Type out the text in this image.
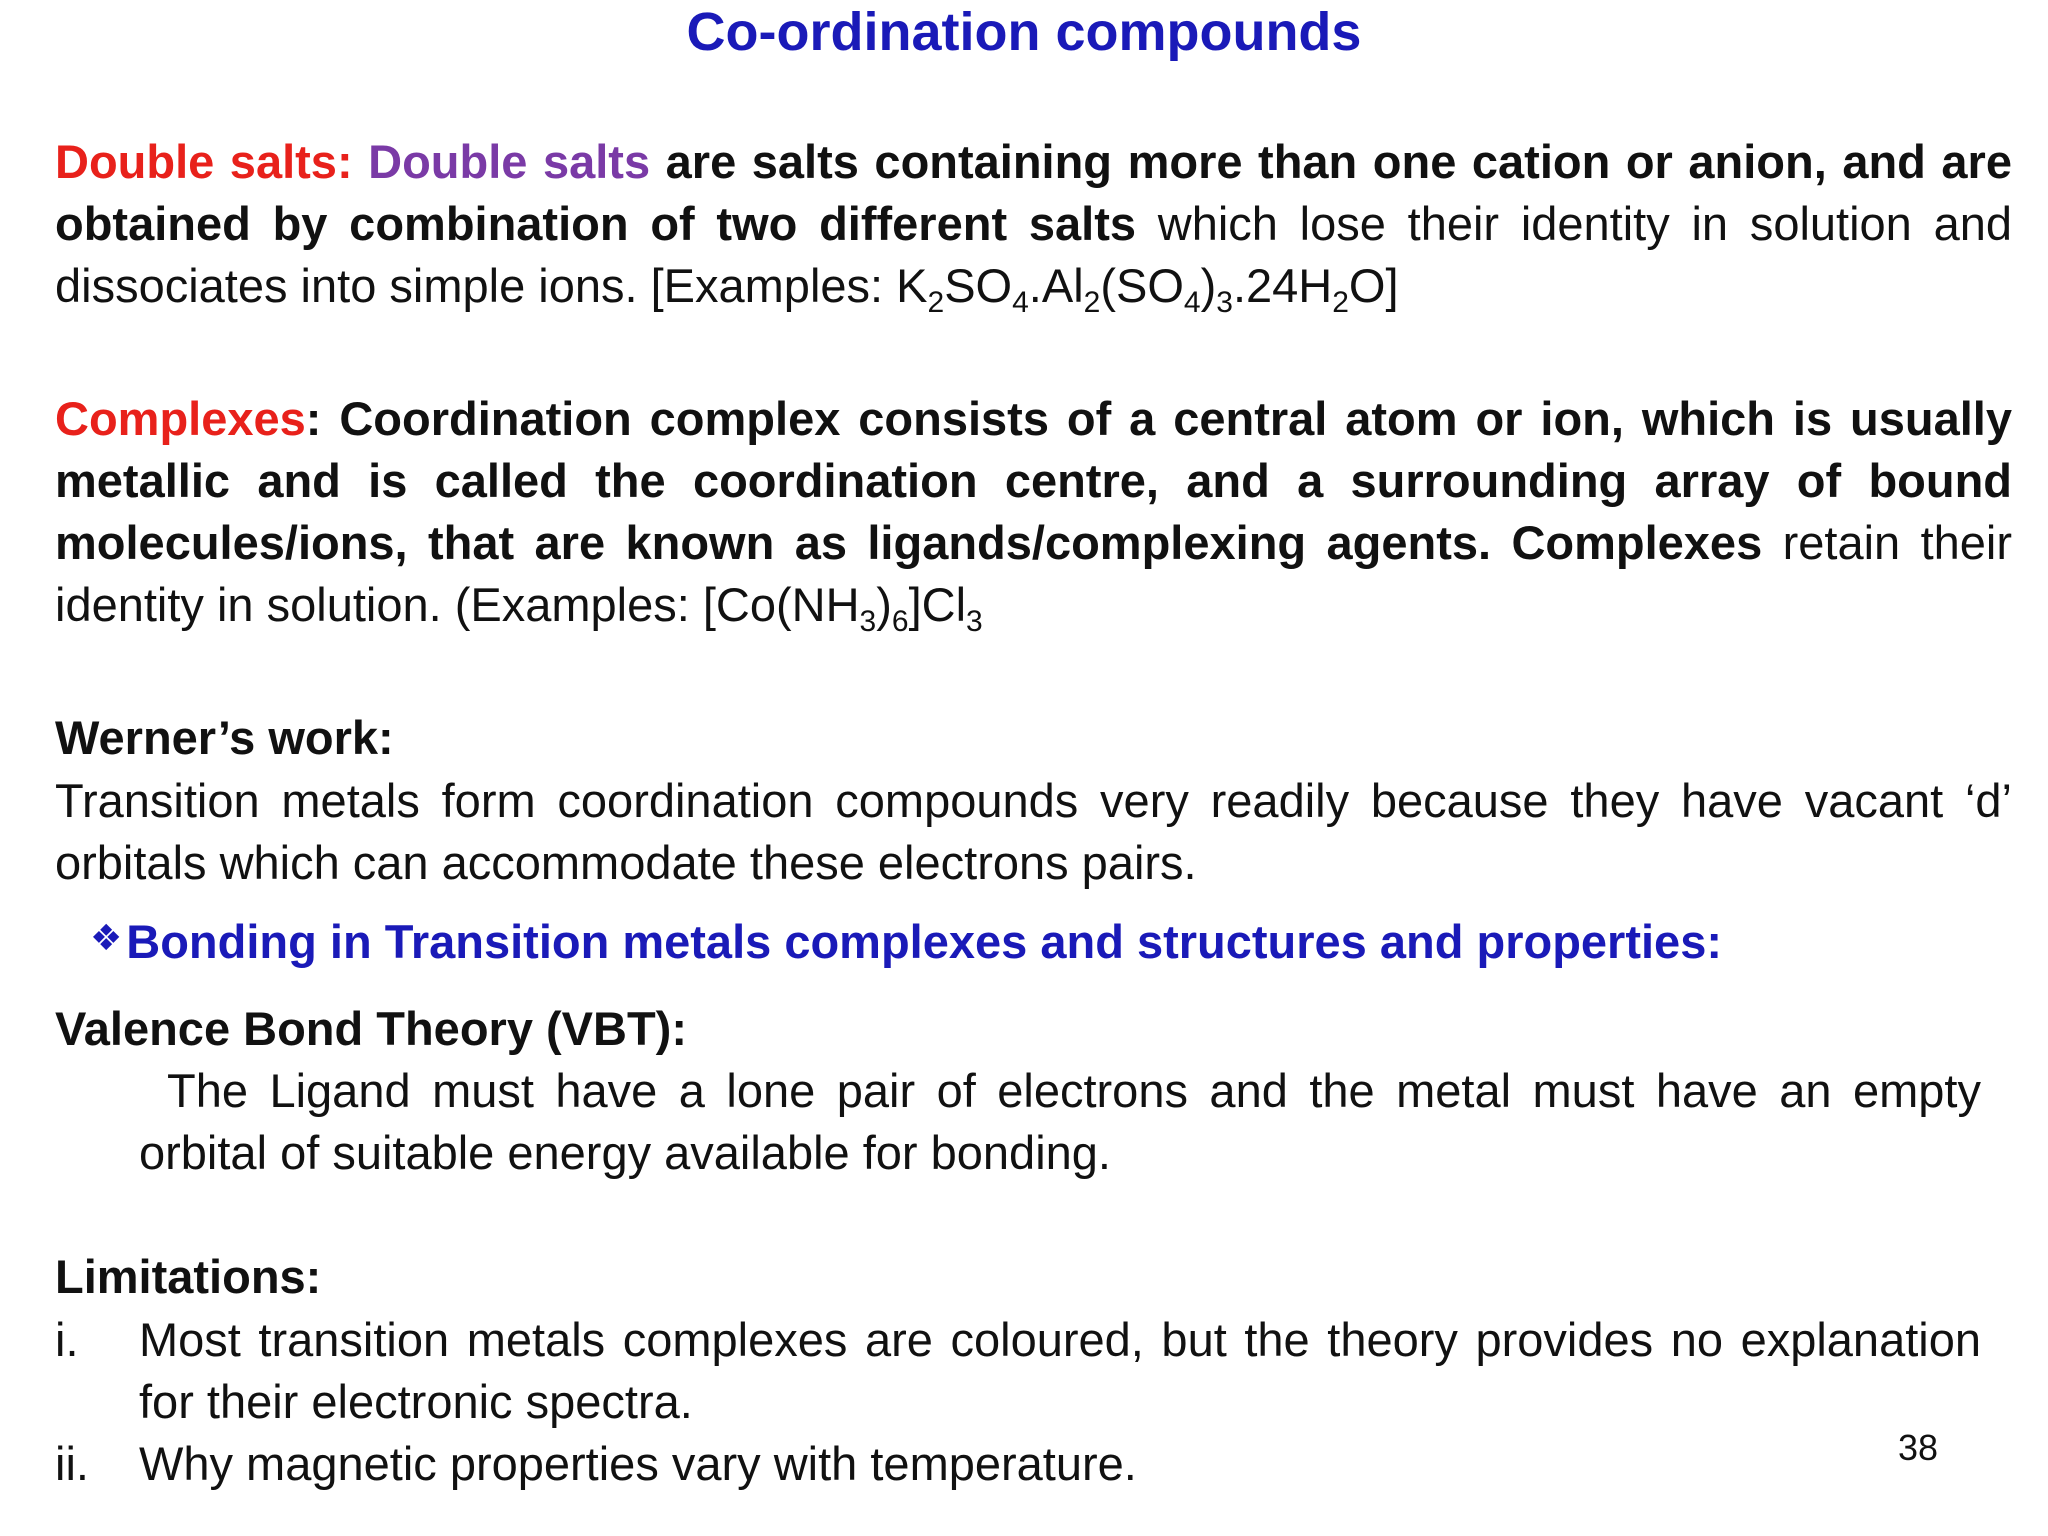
Co-ordination compounds
Double salts: Double salts are salts containing more than one cation or anion, and are obtained by combination of two different salts which lose their identity in solution and dissociates into simple ions. [Examples: $K_2SO_4.Al_2(SO_4)_3.24H_2O$]
Complexes: Coordination complex consists of a central atom or ion, which is usually metallic and is called the coordination centre, and a surrounding array of bound molecules/ions, that are known as ligands/complexing agents. Complexes retain their identity in solution. (Examples: $[Co(NH_3)_6]Cl_3$
Werner’s work:
Transition metals form coordination compounds very readily because they have vacant ‘d’ orbitals which can accommodate these electrons pairs.
❖Bonding in Transition metals complexes and structures and properties:
Valence Bond Theory (VBT):
The Ligand must have a lone pair of electrons and the metal must have an empty orbital of suitable energy available for bonding.
Limitations:
i. Most transition metals complexes are coloured, but the theory provides no explanation for their electronic spectra.
ii. Why magnetic properties vary with temperature.	38
